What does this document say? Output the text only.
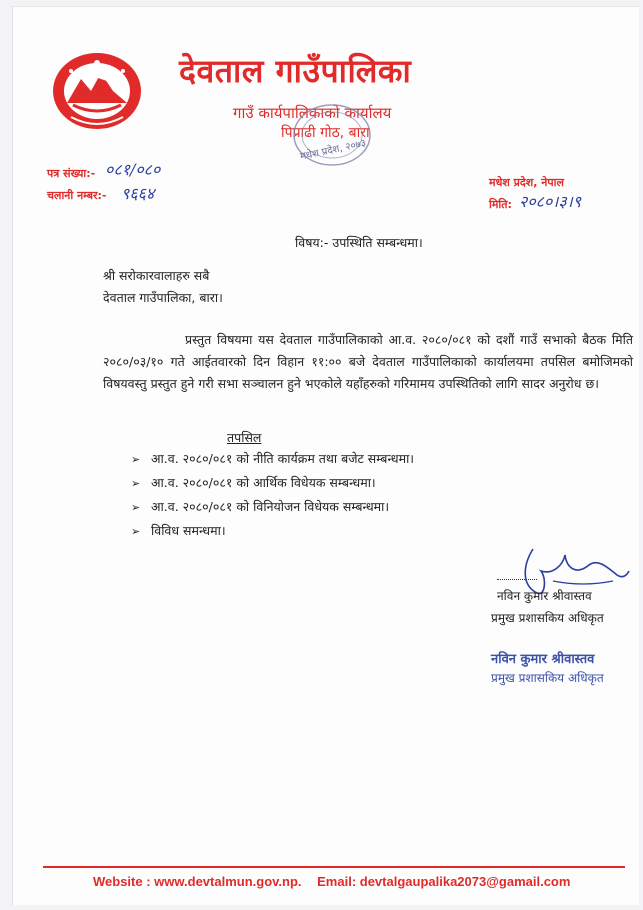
देवताल गाउँपालिका
गाउँ कार्यपालिकाको कार्यालय
पिप्राढी गोठ, बारा
मधेश प्रदेश, २०७३
पत्र संख्या:- ०८१/०८०
चलानी नम्बर:- ९६६४
मधेश प्रदेश, नेपाल
मिति: २०८०।३।९
विषय:- उपस्थिति सम्बन्धमा।
श्री सरोकारवालाहरु सबै
देवताल गाउँपालिका, बारा।
प्रस्तुत विषयमा यस देवताल गाउँपालिकाको आ.व. २०८०/०८१ को दशौं गाउँ सभाको बैठक मिति २०८०/०३/१० गते आईतवारको दिन विहान ११:०० बजे देवताल गाउँपालिकाको कार्यालयमा तपसिल बमोजिमको विषयवस्तु प्रस्तुत हुने गरी सभा सञ्चालन हुने भएकोले यहाँहरुको गरिमामय उपस्थितिको लागि सादर अनुरोध छ।
तपसिल
➢ आ.व. २०८०/०८१ को नीति कार्यक्रम तथा बजेट सम्बन्धमा।
➢ आ.व. २०८०/०८१ को आर्थिक विधेयक सम्बन्धमा।
➢ आ.व. २०८०/०८१ को विनियोजन विधेयक सम्बन्धमा।
➢ विविध समन्धमा।
नविन कुमार श्रीवास्तव
प्रमुख प्रशासकिय अधिकृत
नविन कुमार श्रीवास्तव
प्रमुख प्रशासकिय अधिकृत
Website : www.devtalmun.gov.np. Email: devtalgaupalika2073@gamail.com
